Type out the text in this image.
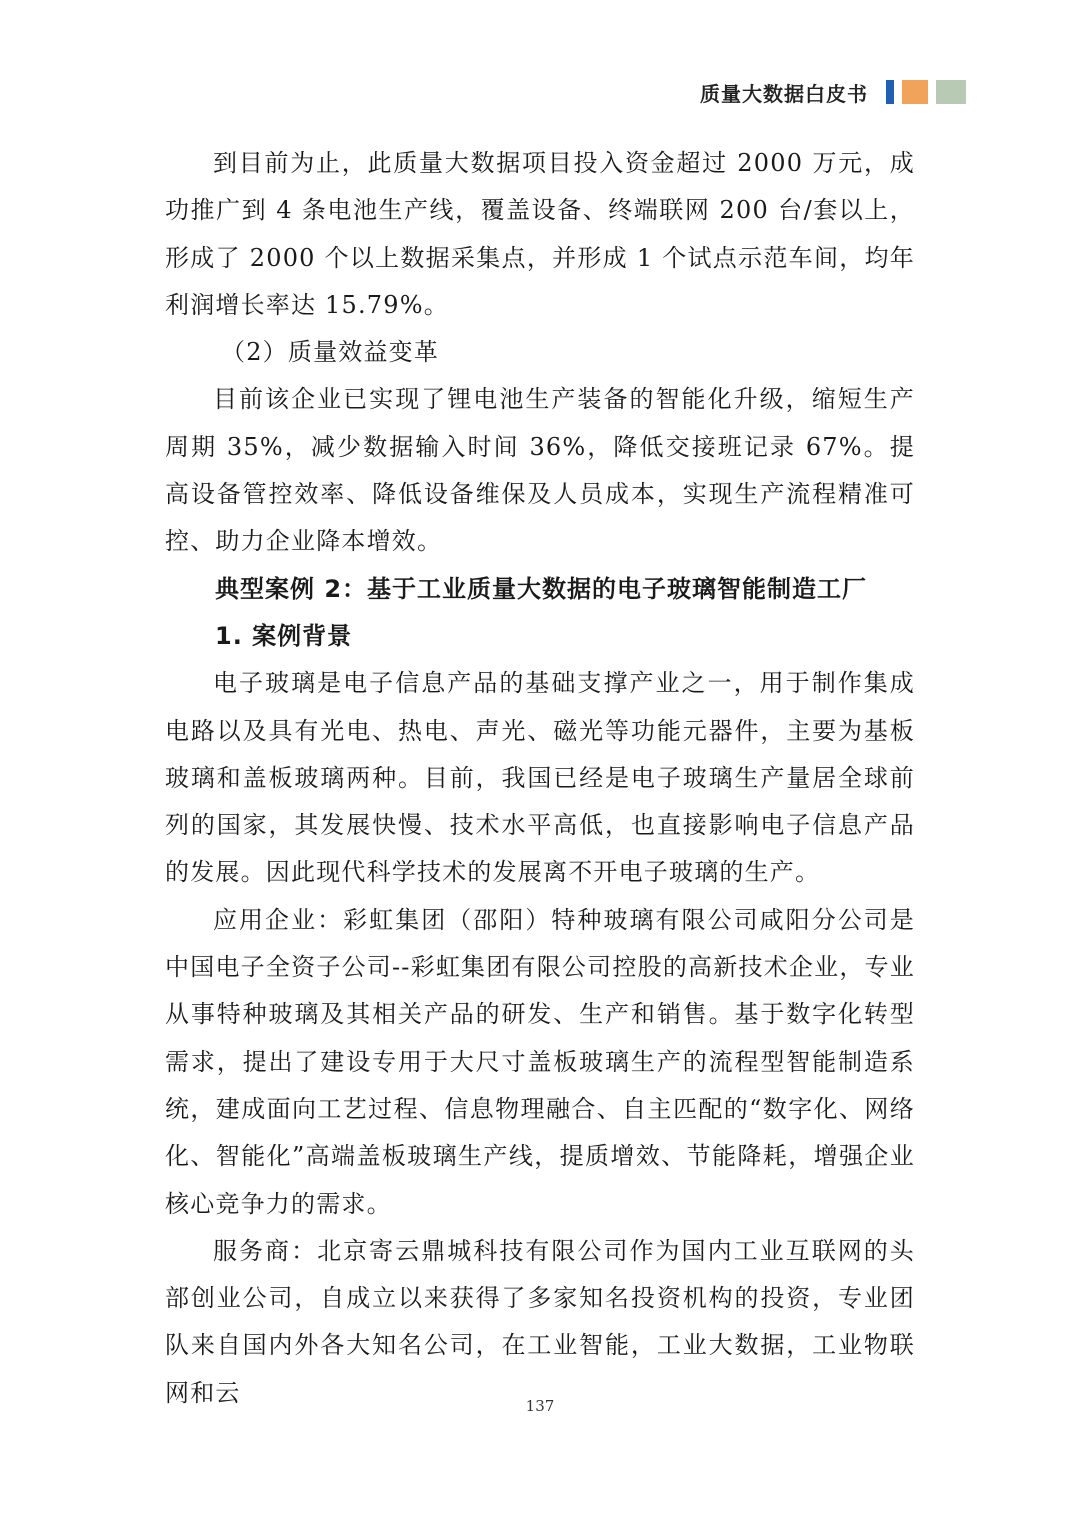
质量大数据白皮书

到目前为止，此质量大数据项目投入资金超过 2000 万元，成功推广到 4 条电池生产线，覆盖设备、终端联网 200 台/套以上，形成了 2000 个以上数据采集点，并形成 1 个试点示范车间，均年利润增长率达 15.79%。

（2）质量效益变革

目前该企业已实现了锂电池生产装备的智能化升级，缩短生产周期 35%，减少数据输入时间 36%，降低交接班记录 67%。提高设备管控效率、降低设备维保及人员成本，实现生产流程精准可控、助力企业降本增效。

典型案例 2：基于工业质量大数据的电子玻璃智能制造工厂

1. 案例背景

电子玻璃是电子信息产品的基础支撑产业之一，用于制作集成电路以及具有光电、热电、声光、磁光等功能元器件，主要为基板玻璃和盖板玻璃两种。目前，我国已经是电子玻璃生产量居全球前列的国家，其发展快慢、技术水平高低，也直接影响电子信息产品的发展。因此现代科学技术的发展离不开电子玻璃的生产。

应用企业：彩虹集团（邵阳）特种玻璃有限公司咸阳分公司是中国电子全资子公司--彩虹集团有限公司控股的高新技术企业，专业从事特种玻璃及其相关产品的研发、生产和销售。基于数字化转型需求，提出了建设专用于大尺寸盖板玻璃生产的流程型智能制造系统，建成面向工艺过程、信息物理融合、自主匹配的“数字化、网络化、智能化”高端盖板玻璃生产线，提质增效、节能降耗，增强企业核心竞争力的需求。

服务商：北京寄云鼎城科技有限公司作为国内工业互联网的头部创业公司，自成立以来获得了多家知名投资机构的投资，专业团队来自国内外各大知名公司，在工业智能，工业大数据，工业物联网和云	137
